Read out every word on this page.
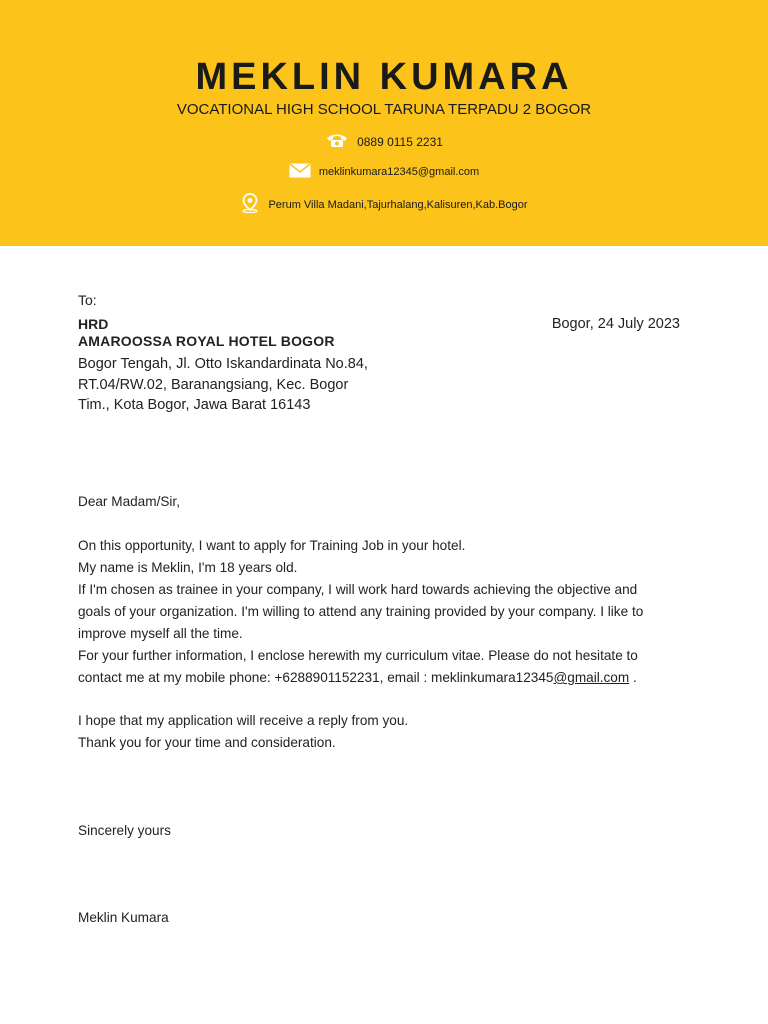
MEKLIN KUMARA
VOCATIONAL HIGH SCHOOL TARUNA TERPADU 2 BOGOR
0889 0115 2231
meklinkumara12345@gmail.com
Perum Villa Madani,Tajurhalang,Kalisuren,Kab.Bogor
To:
HRD
AMAROOSSA ROYAL HOTEL BOGOR
Bogor, 24 July 2023
Bogor Tengah, Jl. Otto Iskandardinata No.84,
RT.04/RW.02, Baranangsiang, Kec. Bogor
Tim., Kota Bogor, Jawa Barat 16143
Dear Madam/Sir,
On this opportunity, I want to apply for Training Job in your hotel.
My name is Meklin, I'm 18 years old.
If I'm chosen as trainee in your company, I will work hard towards achieving the objective and
goals of your organization. I'm willing to attend any training provided by your company. I like to
improve myself all the time.
For your further information, I enclose herewith my curriculum vitae. Please do not hesitate to
contact me at my mobile phone: +6288901152231, email : meklinkumara12345@gmail.com .
I hope that my application will receive a reply from you.
Thank you for your time and consideration.
Sincerely yours
Meklin Kumara
